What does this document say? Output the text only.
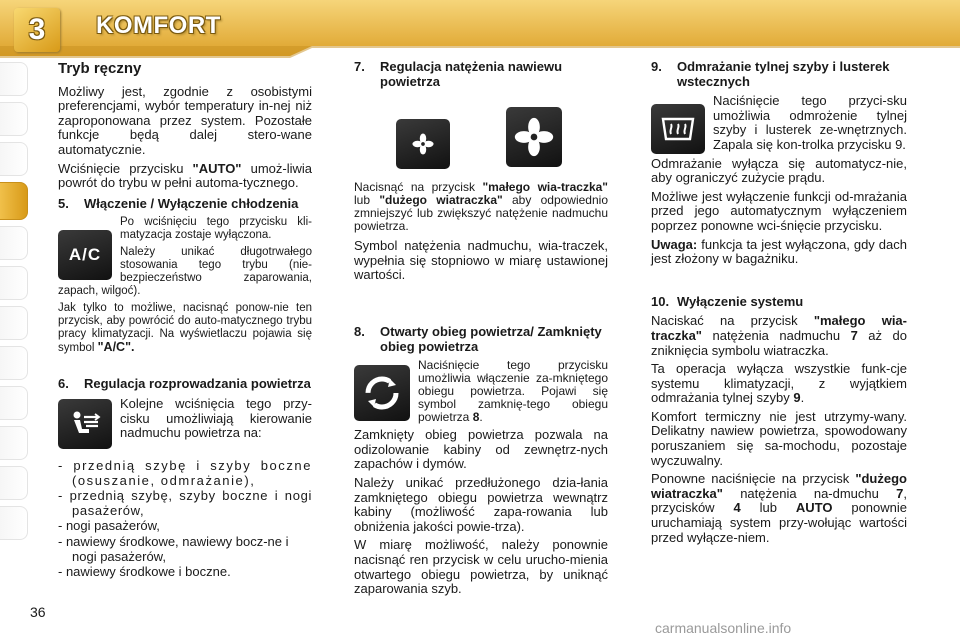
3	KOMFORT
Tryb ręczny

Możliwy jest, zgodnie z osobistymi preferencjami, wybór temperatury in-nej niż zaproponowana przez system. Pozostałe funkcje będą dalej stero-wane automatycznie.

Wciśnięcie przycisku "AUTO" umoż-liwia powrót do trybu w pełni automa-tycznego.

5.	Włączenie / Wyłączenie chłodzenia
A/C

Po wciśnięciu tego przycisku kli-matyzacja zostaje wyłączona.

Należy unikać długotrwałego stosowania tego trybu (nie-bezpieczeństwo zaparowania, zapach, wilgoć).

Jak tylko to możliwe, nacisnąć ponow-nie ten przycisk, aby powrócić do auto-matycznego trybu pracy klimatyzacji. Na wyświetlaczu pojawia się symbol "A/C".

6.	Regulacja rozprowadzania powietrza

Kolejne wciśnięcia tego przy-cisku umożliwiają kierowanie nadmuchu powietrza na:

- przednią szybę i szyby boczne (osuszanie, odmrażanie),
- przednią szybę, szyby boczne i nogi pasażerów,
- nogi pasażerów,
- nawiewy środkowe, nawiewy bocz-ne i nogi pasażerów,
- nawiewy środkowe i boczne.
7.	Regulacja natężenia nawiewu powietrza

Nacisnąć na przycisk "małego wia-traczka" lub "dużego wiatraczka" aby odpowiednio zmniejszyć lub zwiększyć natężenie nadmuchu powietrza.

Symbol natężenia nadmuchu, wia-traczek, wypełnia się stopniowo w miarę ustawionej wartości.

8.	Otwarty obieg powietrza/ Zamknięty obieg powietrza

Naciśnięcie tego przycisku umożliwia włączenie za-mkniętego obiegu powietrza. Pojawi się symbol zamknię-tego obiegu powietrza 8.

Zamknięty obieg powietrza pozwala na odizolowanie kabiny od zewnętrz-nych zapachów i dymów.

Należy unikać przedłużonego dzia-łania zamkniętego obiegu powietrza wewnątrz kabiny (możliwość zapa-rowania lub obniżenia jakości powie-trza).

W miarę możliwość, należy ponownie nacisnąć ren przycisk w celu urucho-mienia otwartego obiegu powietrza, by uniknąć zaparowania szyb.

9.	Odmrażanie tylnej szyby i lusterek wstecznych

Naciśnięcie tego przyci-sku umożliwia odmrożenie tylnej szyby i lusterek ze-wnętrznych. Zapala się kon-trolka przycisku 9.

Odmrażanie wyłącza się automatycz-nie, aby ograniczyć zużycie prądu.

Możliwe jest wyłączenie funkcji od-mrażania przed jego automatycznym wyłączeniem poprzez ponowne wci-śnięcie przycisku.

Uwaga: funkcja ta jest wyłączona, gdy dach jest złożony w bagażniku.

10. Wyłączenie systemu

Naciskać na przycisk "małego wia-traczka" natężenia nadmuchu 7 aż do zniknięcia symbolu wiatraczka.

Ta operacja wyłącza wszystkie funk-cje systemu klimatyzacji, z wyjątkiem odmrażania tylnej szyby 9.

Komfort termiczny nie jest utrzymy-wany. Delikatny nawiew powietrza, spowodowany poruszaniem się sa-mochodu, pozostaje wyczuwalny.

Ponowne naciśnięcie na przycisk "dużego wiatraczka" natężenia na-dmuchu 7, przycisków 4 lub AUTO ponownie uruchamiają system przy-wołując wartości przed wyłącze-niem.

36
carmanualsonline.info
